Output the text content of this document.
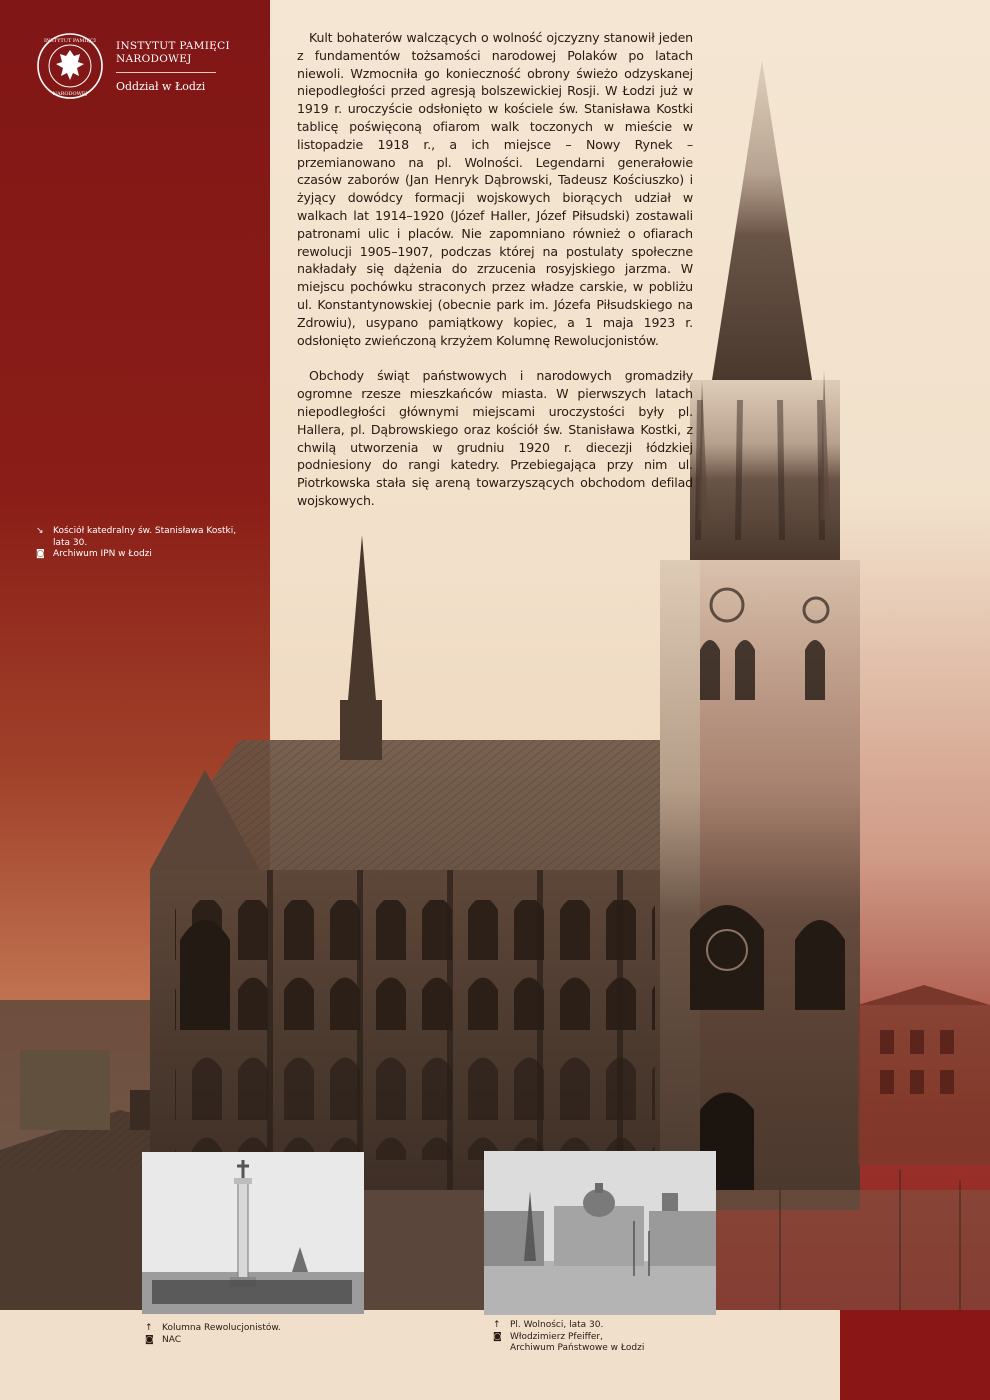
INSTYTUT PAMIĘCI
NARODOWEJ
INSTYTUT PAMIĘCI
NARODOWEJ
Oddział w Łodzi

Kult bohaterów walczących o wolność ojczyzny stanowił jeden z fundamentów tożsamości narodowej Polaków po latach niewoli. Wzmocniła go konieczność obrony świeżo odzyskanej niepodległości przed agresją bolszewickiej Rosji. W Łodzi już w 1919 r. uroczyście odsłonięto w kościele św. Stanisława Kostki tablicę poświęconą ofiarom walk toczonych w mieście w listopadzie 1918 r., a ich miejsce – Nowy Rynek – przemianowano na pl. Wolności. Legendarni generałowie czasów zaborów (Jan Henryk Dąbrowski, Tadeusz Kościuszko) i żyjący dowódcy formacji wojskowych biorących udział w walkach lat 1914–1920 (Józef Haller, Józef Piłsudski) zostawali patronami ulic i placów. Nie zapomniano również o ofiarach rewolucji 1905–1907, podczas której na postulaty społeczne nakładały się dążenia do zrzucenia rosyjskiego jarzma. W miejscu pochówku straconych przez władze carskie, w pobliżu ul. Konstantynowskiej (obecnie park im. Józefa Piłsudskiego na Zdrowiu), usypano pamiątkowy kopiec, a 1 maja 1923 r. odsłonięto zwieńczoną krzyżem Kolumnę Rewolucjonistów.

Obchody świąt państwowych i narodowych gromadziły ogromne rzesze mieszkańców miasta. W pierwszych latach niepodległości głównymi miejscami uroczystości były pl. Hallera, pl. Dąbrowskiego oraz kościół św. Stanisława Kostki, z chwilą utworzenia w grudniu 1920 r. diecezji łódzkiej podniesiony do rangi katedry. Przebiegająca przy nim ul. Piotrkowska stała się areną towarzyszących obchodom defilad wojskowych.

↘	Kościół katedralny św. Stanisława Kostki,
lata 30.
◙ Archiwum IPN w Łodzi
↑	Kolumna Rewolucjonistów.
◙ NAC
↑	Pl. Wolności, lata 30.
◙ Włodzimierz Pfeiffer,
Archiwum Państwowe w Łodzi
